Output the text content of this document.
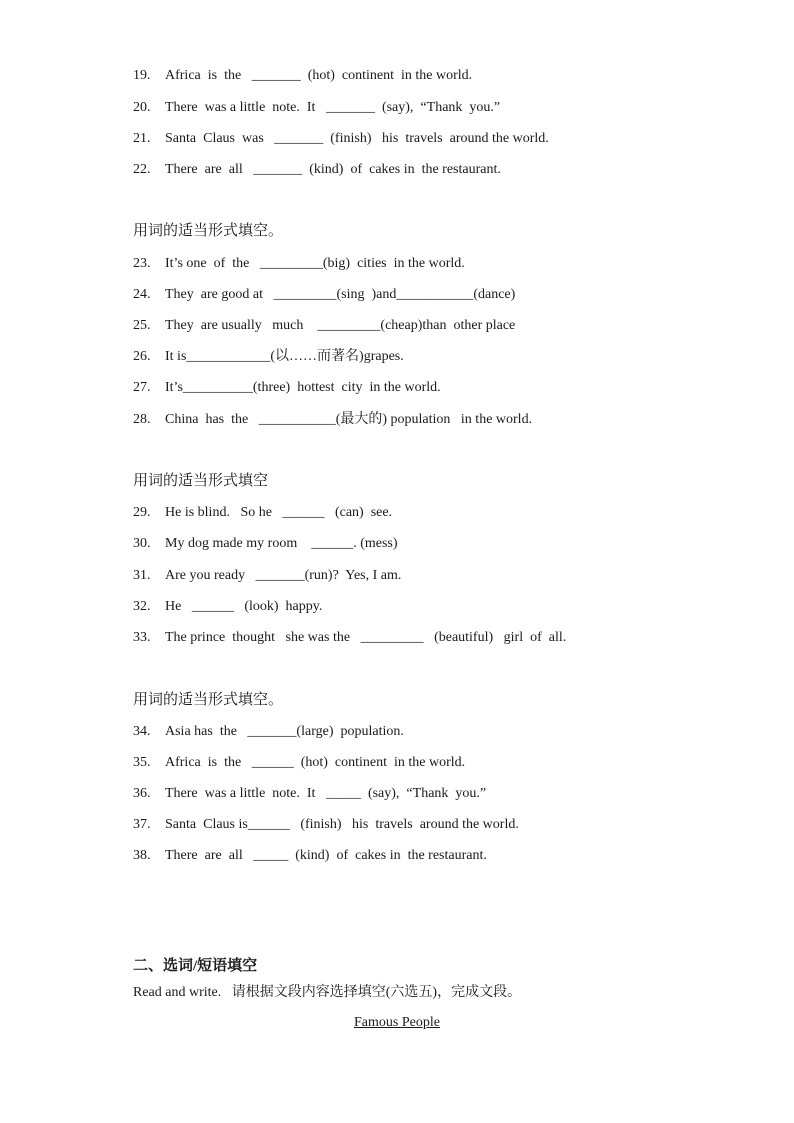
19. Africa  is  the   _______  (hot)  continent  in the world.
20. There  was a little  note.  It   _______  (say),  “Thank  you.”
21. Santa  Claus  was   _______  (finish)   his  travels  around the world.
22. There  are  all   _______  (kind)  of  cakes in  the restaurant.
用词的适当形式填空。
23. It’s one  of  the   _________(big)  cities  in the world.
24. They  are good at   _________(sing  )and___________(dance)
25. They  are usually   much    _________(cheap)than  other place
26. It is____________(以……而著名)grapes.
27. It’s__________(three)  hottest  city  in the world.
28. China  has  the   ___________(最大的) population   in the world.
用词的适当形式填空
29. He is blind.   So he   ______   (can)  see.
30. My dog made my room    ______. (mess)
31. Are you ready   _______(run)?  Yes, I am.
32. He   ______   (look)  happy.
33. The prince  thought   she was the   _________   (beautiful)   girl  of  all.
用词的适当形式填空。
34. Asia has  the   _______(large)  population.
35. Africa  is  the   ______  (hot)  continent  in the world.
36. There  was a little  note.  It   _____  (say),  “Thank  you.”
37. Santa  Claus is______   (finish)   his  travels  around the world.
38. There  are  all   _____  (kind)  of  cakes in  the restaurant.
二、选词/短语填空
Read and write.   请根据文段内容选择填空(六选五)，完成文段。
Famous People
